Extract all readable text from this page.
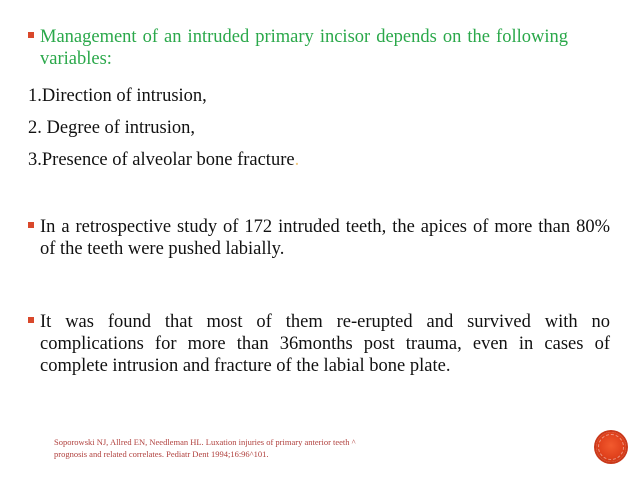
Management of an intruded primary incisor depends on the following variables:
1.Direction of intrusion,
2. Degree of intrusion,
3.Presence of alveolar bone fracture.
In a retrospective study of 172 intruded teeth, the apices of more than 80% of the teeth were pushed labially.
It was found that most of them re-erupted and survived with no complications for more than 36months post trauma, even in cases of complete intrusion and fracture of the labial bone plate.
Soporowski NJ, Allred EN, Needleman HL. Luxation injuries of primary anterior teeth ^
prognosis and related correlates. Pediatr Dent 1994;16:96^101.
